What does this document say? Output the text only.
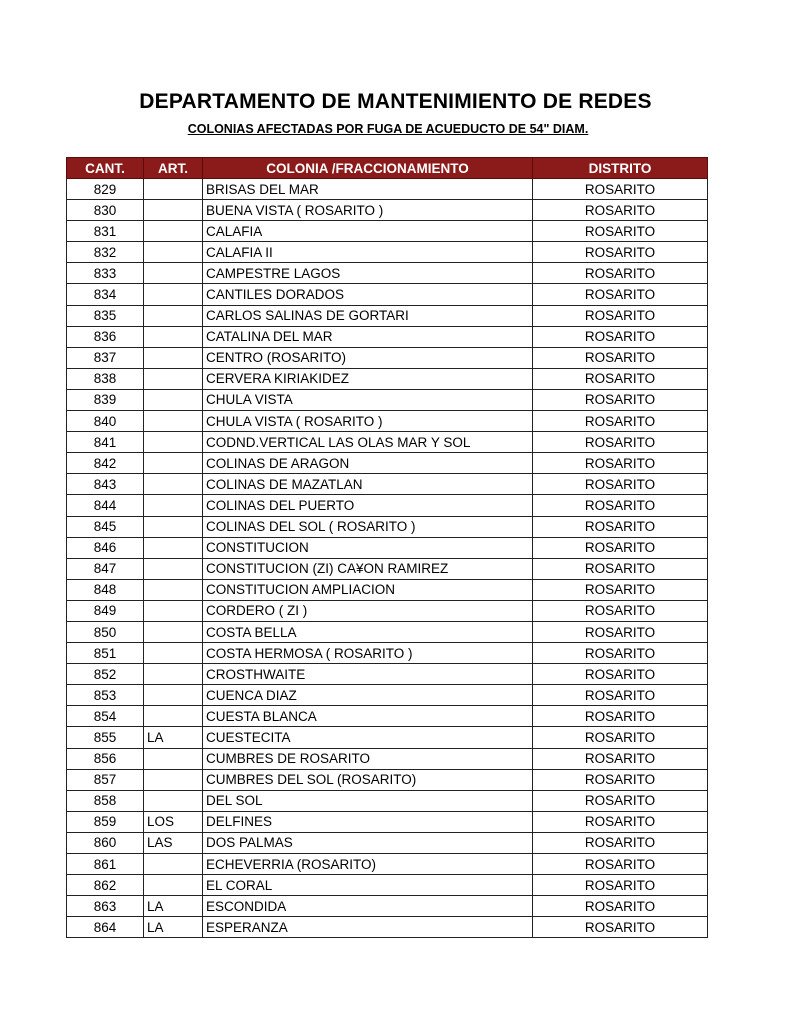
DEPARTAMENTO DE MANTENIMIENTO DE REDES
COLONIAS AFECTADAS POR FUGA DE ACUEDUCTO DE 54" DIAM.
CANT.	ART.	COLONIA /FRACCIONAMIENTO	DISTRITO
829		BRISAS DEL MAR	ROSARITO
830		BUENA VISTA ( ROSARITO )	ROSARITO
831		CALAFIA	ROSARITO
832		CALAFIA II	ROSARITO
833		CAMPESTRE LAGOS	ROSARITO
834		CANTILES DORADOS	ROSARITO
835		CARLOS SALINAS DE GORTARI	ROSARITO
836		CATALINA DEL MAR	ROSARITO
837		CENTRO (ROSARITO)	ROSARITO
838		CERVERA KIRIAKIDEZ	ROSARITO
839		CHULA VISTA	ROSARITO
840		CHULA VISTA ( ROSARITO )	ROSARITO
841		CODND.VERTICAL LAS OLAS MAR Y SOL	ROSARITO
842		COLINAS DE ARAGON	ROSARITO
843		COLINAS DE MAZATLAN	ROSARITO
844		COLINAS DEL PUERTO	ROSARITO
845		COLINAS DEL SOL ( ROSARITO )	ROSARITO
846		CONSTITUCION	ROSARITO
847		CONSTITUCION (ZI) CA¥ON RAMIREZ	ROSARITO
848		CONSTITUCION AMPLIACION	ROSARITO
849		CORDERO ( ZI )	ROSARITO
850		COSTA BELLA	ROSARITO
851		COSTA HERMOSA ( ROSARITO )	ROSARITO
852		CROSTHWAITE	ROSARITO
853		CUENCA DIAZ	ROSARITO
854		CUESTA BLANCA	ROSARITO
855	LA	CUESTECITA	ROSARITO
856		CUMBRES DE ROSARITO	ROSARITO
857		CUMBRES DEL SOL (ROSARITO)	ROSARITO
858		DEL SOL	ROSARITO
859	LOS	DELFINES	ROSARITO
860	LAS	DOS PALMAS	ROSARITO
861		ECHEVERRIA (ROSARITO)	ROSARITO
862		EL CORAL	ROSARITO
863	LA	ESCONDIDA	ROSARITO
864	LA	ESPERANZA	ROSARITO
